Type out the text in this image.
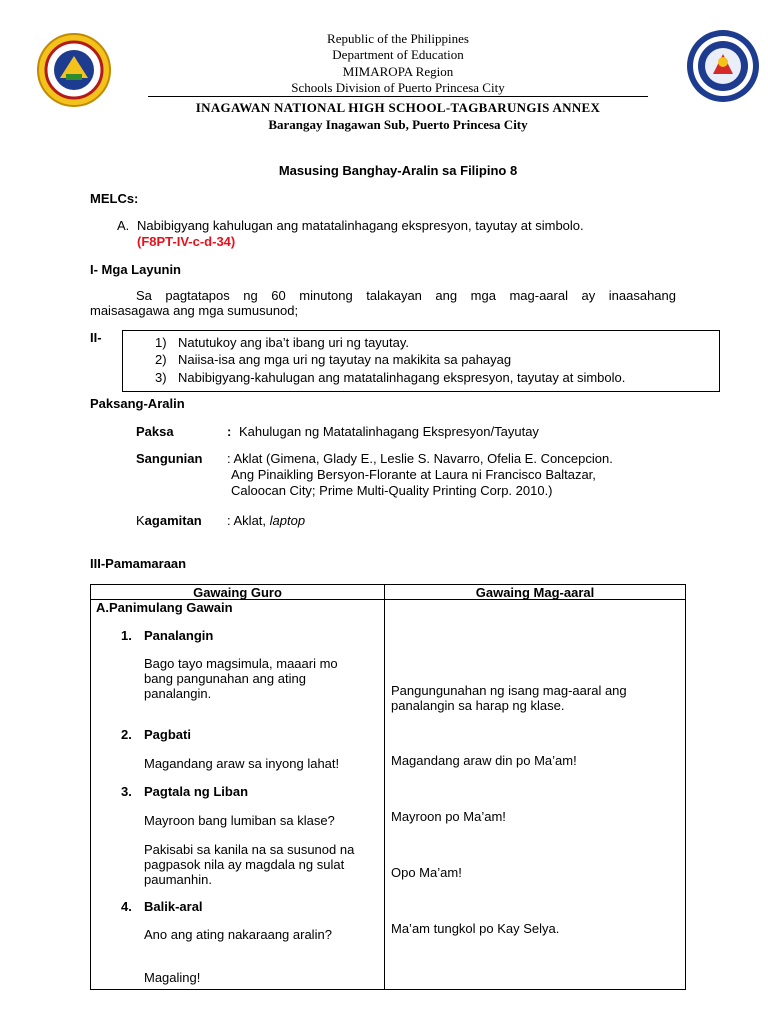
Republic of the Philippines
Department of Education
MIMAROPA Region
Schools Division of Puerto Princesa City
INAGAWAN NATIONAL HIGH SCHOOL-TAGBARUNGIS ANNEX
Barangay Inagawan Sub, Puerto Princesa City
Masusing Banghay-Aralin sa Filipino 8
MELCs:
A. Nabibigyang kahulugan ang matatalinhagang ekspresyon, tayutay at simbolo.
(F8PT-IV-c-d-34)
I- Mga Layunin
Sa pagtatapos ng 60 minutong talakayan ang mga mag-aaral ay inaasahang
maisasagawa ang mga sumusunod;
II-	1) Natutukoy ang iba’t ibang uri ng tayutay.
2) Naiisa-isa ang mga uri ng tayutay na makikita sa pahayag
3) Nabibigyang-kahulugan ang matatalinhagang ekspresyon, tayutay at simbolo.
Paksang-Aralin
Paksa	: Kahulugan ng Matatalinhagang Ekspresyon/Tayutay
Sangunian : Aklat (Gimena, Glady E., Leslie S. Navarro, Ofelia E. Concepcion.
Ang Pinaikling Bersyon-Florante at Laura ni Francisco Baltazar,
Caloocan City; Prime Multi-Quality Printing Corp. 2010.)
Kagamitan : Aklat, laptop
III-Pamamaraan
Gawaing Guro	Gawaing Mag-aaral
A.Panimulang Gawain
1. Panalangin
Bago tayo magsimula, maaari mo
bang pangunahan ang ating
panalangin.	Pangungunahan ng isang mag-aaral ang
panalangin sa harap ng klase.
2. Pagbati
Magandang araw sa inyong lahat!	Magandang araw din po Ma’am!
3. Pagtala ng Liban
Mayroon bang lumiban sa klase?	Mayroon po Ma’am!
Pakisabi sa kanila na sa susunod na
pagpasok nila ay magdala ng sulat
paumanhin.	Opo Ma’am!
4. Balik-aral
Ano ang ating nakaraang aralin?	Ma’am tungkol po Kay Selya.
Magaling!
